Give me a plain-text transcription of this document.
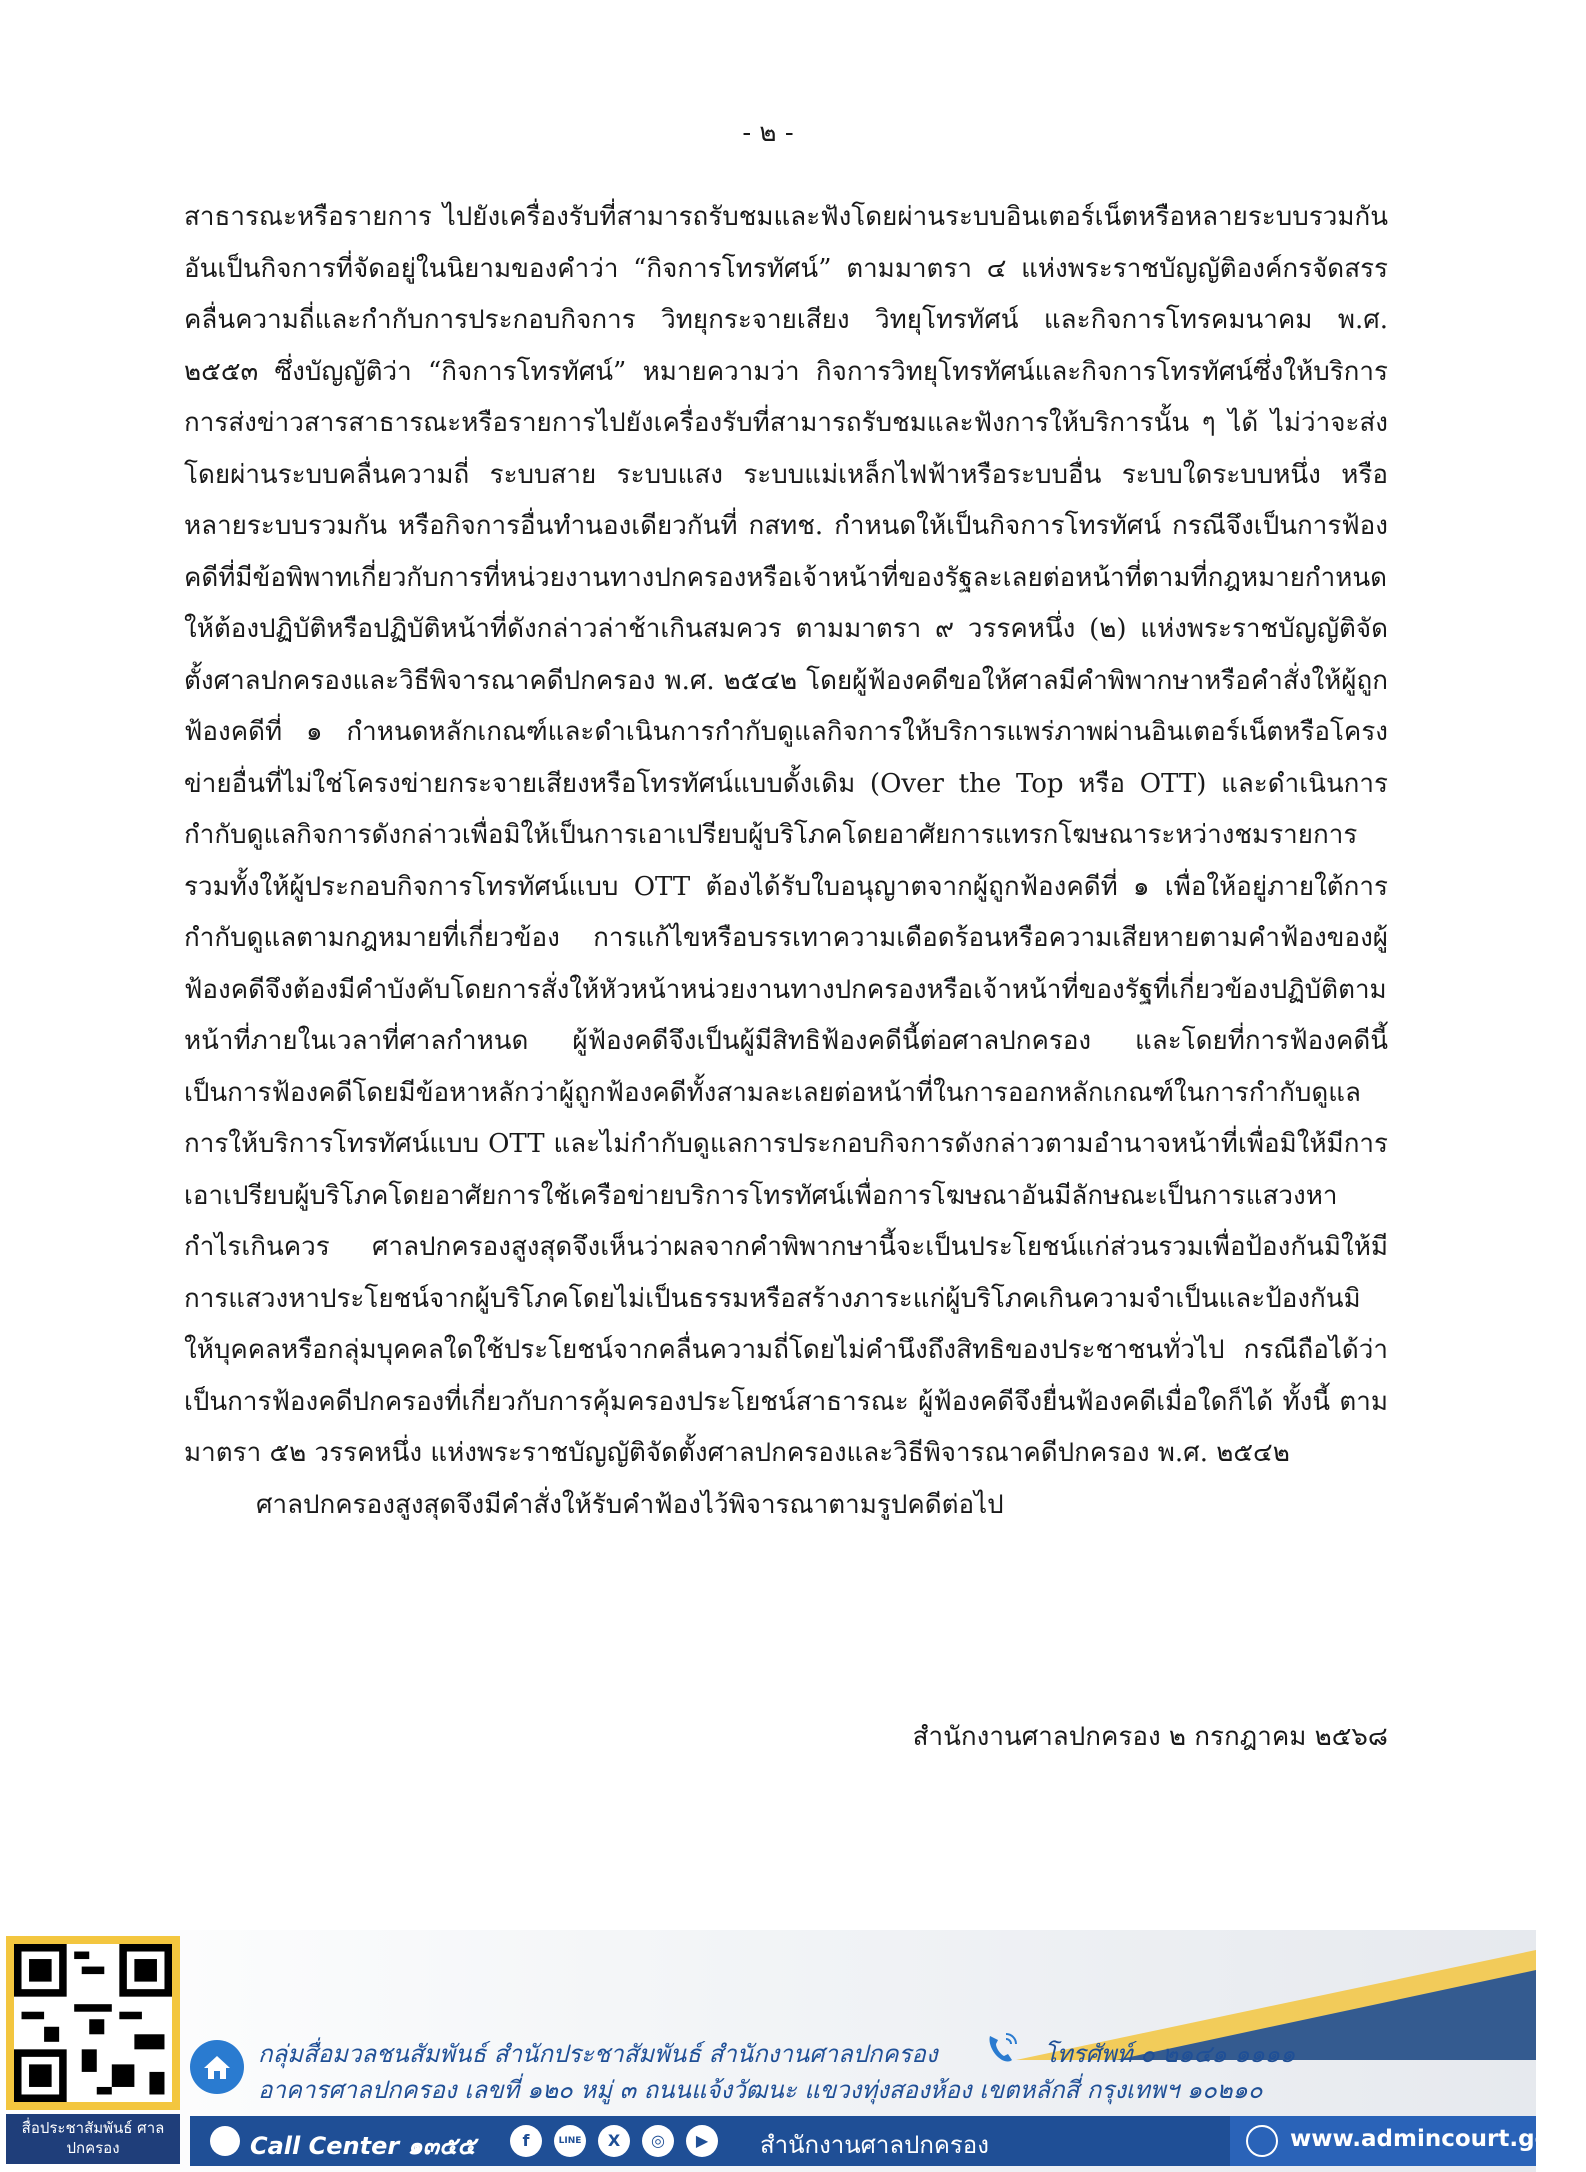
- ๒ -

สาธารณะหรือรายการ ไปยังเครื่องรับที่สามารถรับชมและฟังโดยผ่านระบบอินเตอร์เน็ตหรือหลายระบบรวมกัน อันเป็นกิจการที่จัดอยู่ในนิยามของคำว่า “กิจการโทรทัศน์” ตามมาตรา ๔ แห่งพระราชบัญญัติองค์กรจัดสรรคลื่นความถี่และกำกับการประกอบกิจการ วิทยุกระจายเสียง วิทยุโทรทัศน์ และกิจการโทรคมนาคม พ.ศ. ๒๕๕๓ ซึ่งบัญญัติว่า “กิจการโทรทัศน์” หมายความว่า กิจการวิทยุโทรทัศน์และกิจการโทรทัศน์ซึ่งให้บริการการส่งข่าวสารสาธารณะหรือรายการไปยังเครื่องรับที่สามารถรับชมและฟังการให้บริการนั้น ๆ ได้ ไม่ว่าจะส่งโดยผ่านระบบคลื่นความถี่ ระบบสาย ระบบแสง ระบบแม่เหล็กไฟฟ้าหรือระบบอื่น ระบบใดระบบหนึ่ง หรือหลายระบบรวมกัน หรือกิจการอื่นทำนองเดียวกันที่ กสทช. กำหนดให้เป็นกิจการโทรทัศน์ กรณีจึงเป็นการฟ้องคดีที่มีข้อพิพาทเกี่ยวกับการที่หน่วยงานทางปกครองหรือเจ้าหน้าที่ของรัฐละเลยต่อหน้าที่ตามที่กฎหมายกำหนดให้ต้องปฏิบัติหรือปฏิบัติหน้าที่ดังกล่าวล่าช้าเกินสมควร ตามมาตรา ๙ วรรคหนึ่ง (๒) แห่งพระราชบัญญัติจัดตั้งศาลปกครองและวิธีพิจารณาคดีปกครอง พ.ศ. ๒๕๔๒ โดยผู้ฟ้องคดีขอให้ศาลมีคำพิพากษาหรือคำสั่งให้ผู้ถูกฟ้องคดีที่ ๑ กำหนดหลักเกณฑ์และดำเนินการกำกับดูแลกิจการให้บริการแพร่ภาพผ่านอินเตอร์เน็ตหรือโครงข่ายอื่นที่ไม่ใช่โครงข่ายกระจายเสียงหรือโทรทัศน์แบบดั้งเดิม (Over the Top หรือ OTT) และดำเนินการกำกับดูแลกิจการดังกล่าวเพื่อมิให้เป็นการเอาเปรียบผู้บริโภคโดยอาศัยการแทรกโฆษณาระหว่างชมรายการ รวมทั้งให้ผู้ประกอบกิจการโทรทัศน์แบบ OTT ต้องได้รับใบอนุญาตจากผู้ถูกฟ้องคดีที่ ๑ เพื่อให้อยู่ภายใต้การกำกับดูแลตามกฎหมายที่เกี่ยวข้อง การแก้ไขหรือบรรเทาความเดือดร้อนหรือความเสียหายตามคำฟ้องของผู้ฟ้องคดีจึงต้องมีคำบังคับโดยการสั่งให้หัวหน้าหน่วยงานทางปกครองหรือเจ้าหน้าที่ของรัฐที่เกี่ยวข้องปฏิบัติตามหน้าที่ภายในเวลาที่ศาลกำหนด ผู้ฟ้องคดีจึงเป็นผู้มีสิทธิฟ้องคดีนี้ต่อศาลปกครอง และโดยที่การฟ้องคดีนี้เป็นการฟ้องคดีโดยมีข้อหาหลักว่าผู้ถูกฟ้องคดีทั้งสามละเลยต่อหน้าที่ในการออกหลักเกณฑ์ในการกำกับดูแลการให้บริการโทรทัศน์แบบ OTT และไม่กำกับดูแลการประกอบกิจการดังกล่าวตามอำนาจหน้าที่เพื่อมิให้มีการเอาเปรียบผู้บริโภคโดยอาศัยการใช้เครือข่ายบริการโทรทัศน์เพื่อการโฆษณาอันมีลักษณะเป็นการแสวงหากำไรเกินควร ศาลปกครองสูงสุดจึงเห็นว่าผลจากคำพิพากษานี้จะเป็นประโยชน์แก่ส่วนรวมเพื่อป้องกันมิให้มีการแสวงหาประโยชน์จากผู้บริโภคโดยไม่เป็นธรรมหรือสร้างภาระแก่ผู้บริโภคเกินความจำเป็นและป้องกันมิให้บุคคลหรือกลุ่มบุคคลใดใช้ประโยชน์จากคลื่นความถี่โดยไม่คำนึงถึงสิทธิของประชาชนทั่วไป กรณีถือได้ว่าเป็นการฟ้องคดีปกครองที่เกี่ยวกับการคุ้มครองประโยชน์สาธารณะ ผู้ฟ้องคดีจึงยื่นฟ้องคดีเมื่อใดก็ได้ ทั้งนี้ ตามมาตรา ๕๒ วรรคหนึ่ง แห่งพระราชบัญญัติจัดตั้งศาลปกครองและวิธีพิจารณาคดีปกครอง พ.ศ. ๒๕๔๒

ศาลปกครองสูงสุดจึงมีคำสั่งให้รับคำฟ้องไว้พิจารณาตามรูปคดีต่อไป

สำนักงานศาลปกครอง ๒ กรกฎาคม ๒๕๖๘
สื่อประชาสัมพันธ์ ศาลปกครอง
กลุ่มสื่อมวลชนสัมพันธ์ สำนักประชาสัมพันธ์ สำนักงานศาลปกครอง	โทรศัพท์ ๐ ๒๑๔๑ ๑๑๑๑
อาคารศาลปกครอง เลขที่ ๑๒๐ หมู่ ๓ ถนนแจ้งวัฒนะ แขวงทุ่งสองห้อง เขตหลักสี่ กรุงเทพฯ ๑๐๒๑๐
Call Center ๑๓๕๕	f	LINE	X	◎	▶	สำนักงานศาลปกครอง	www.admincourt.go.th
